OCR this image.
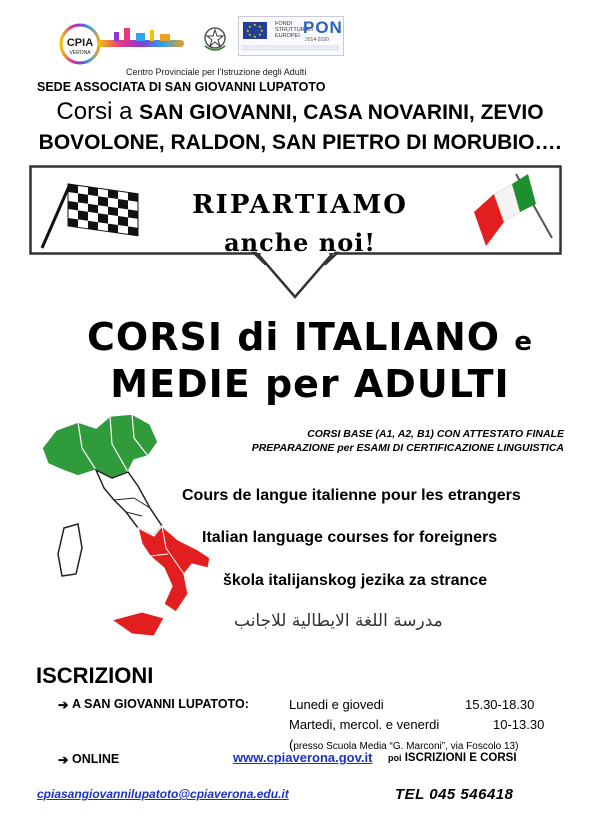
CPIA
VERONA
★ ★
★
★
★
★
★
★	FONDI
STRUTTURALI
EUROPEI PON
2014-2020
Centro Provinciale per l'Istruzione degli Adulti
SEDE ASSOCIATA DI SAN GIOVANNI LUPATOTO
Corsi a SAN GIOVANNI, CASA NOVARINI, ZEVIO
BOVOLONE, RALDON, SAN PIETRO DI MORUBIO….
RIPARTIAMO
anche noi!
CORSI di ITALIANO e
MEDIE per ADULTI
CORSI BASE (A1, A2, B1) CON ATTESTATO FINALE
PREPARAZIONE per ESAMI DI CERTIFICAZIONE LINGUISTICA
Cours de langue italienne pour les etrangers
Italian language courses for foreigners
škola italijanskog jezika za strance
مدرسة اللغة الايطالية للاجانب
ISCRIZIONI
➔ A SAN GIOVANNI LUPATOTO:	Lunedi e giovedi	15.30-18.30
Martedi, mercol. e venerdi	10-13.30
(presso Scuola Media “G. Marconi”, via Foscolo 13)
➔ ONLINE	www.cpiaverona.gov.it poi ISCRIZIONI E CORSI
cpiasangiovannilupatoto@cpiaverona.edu.it	TEL 045 546418
